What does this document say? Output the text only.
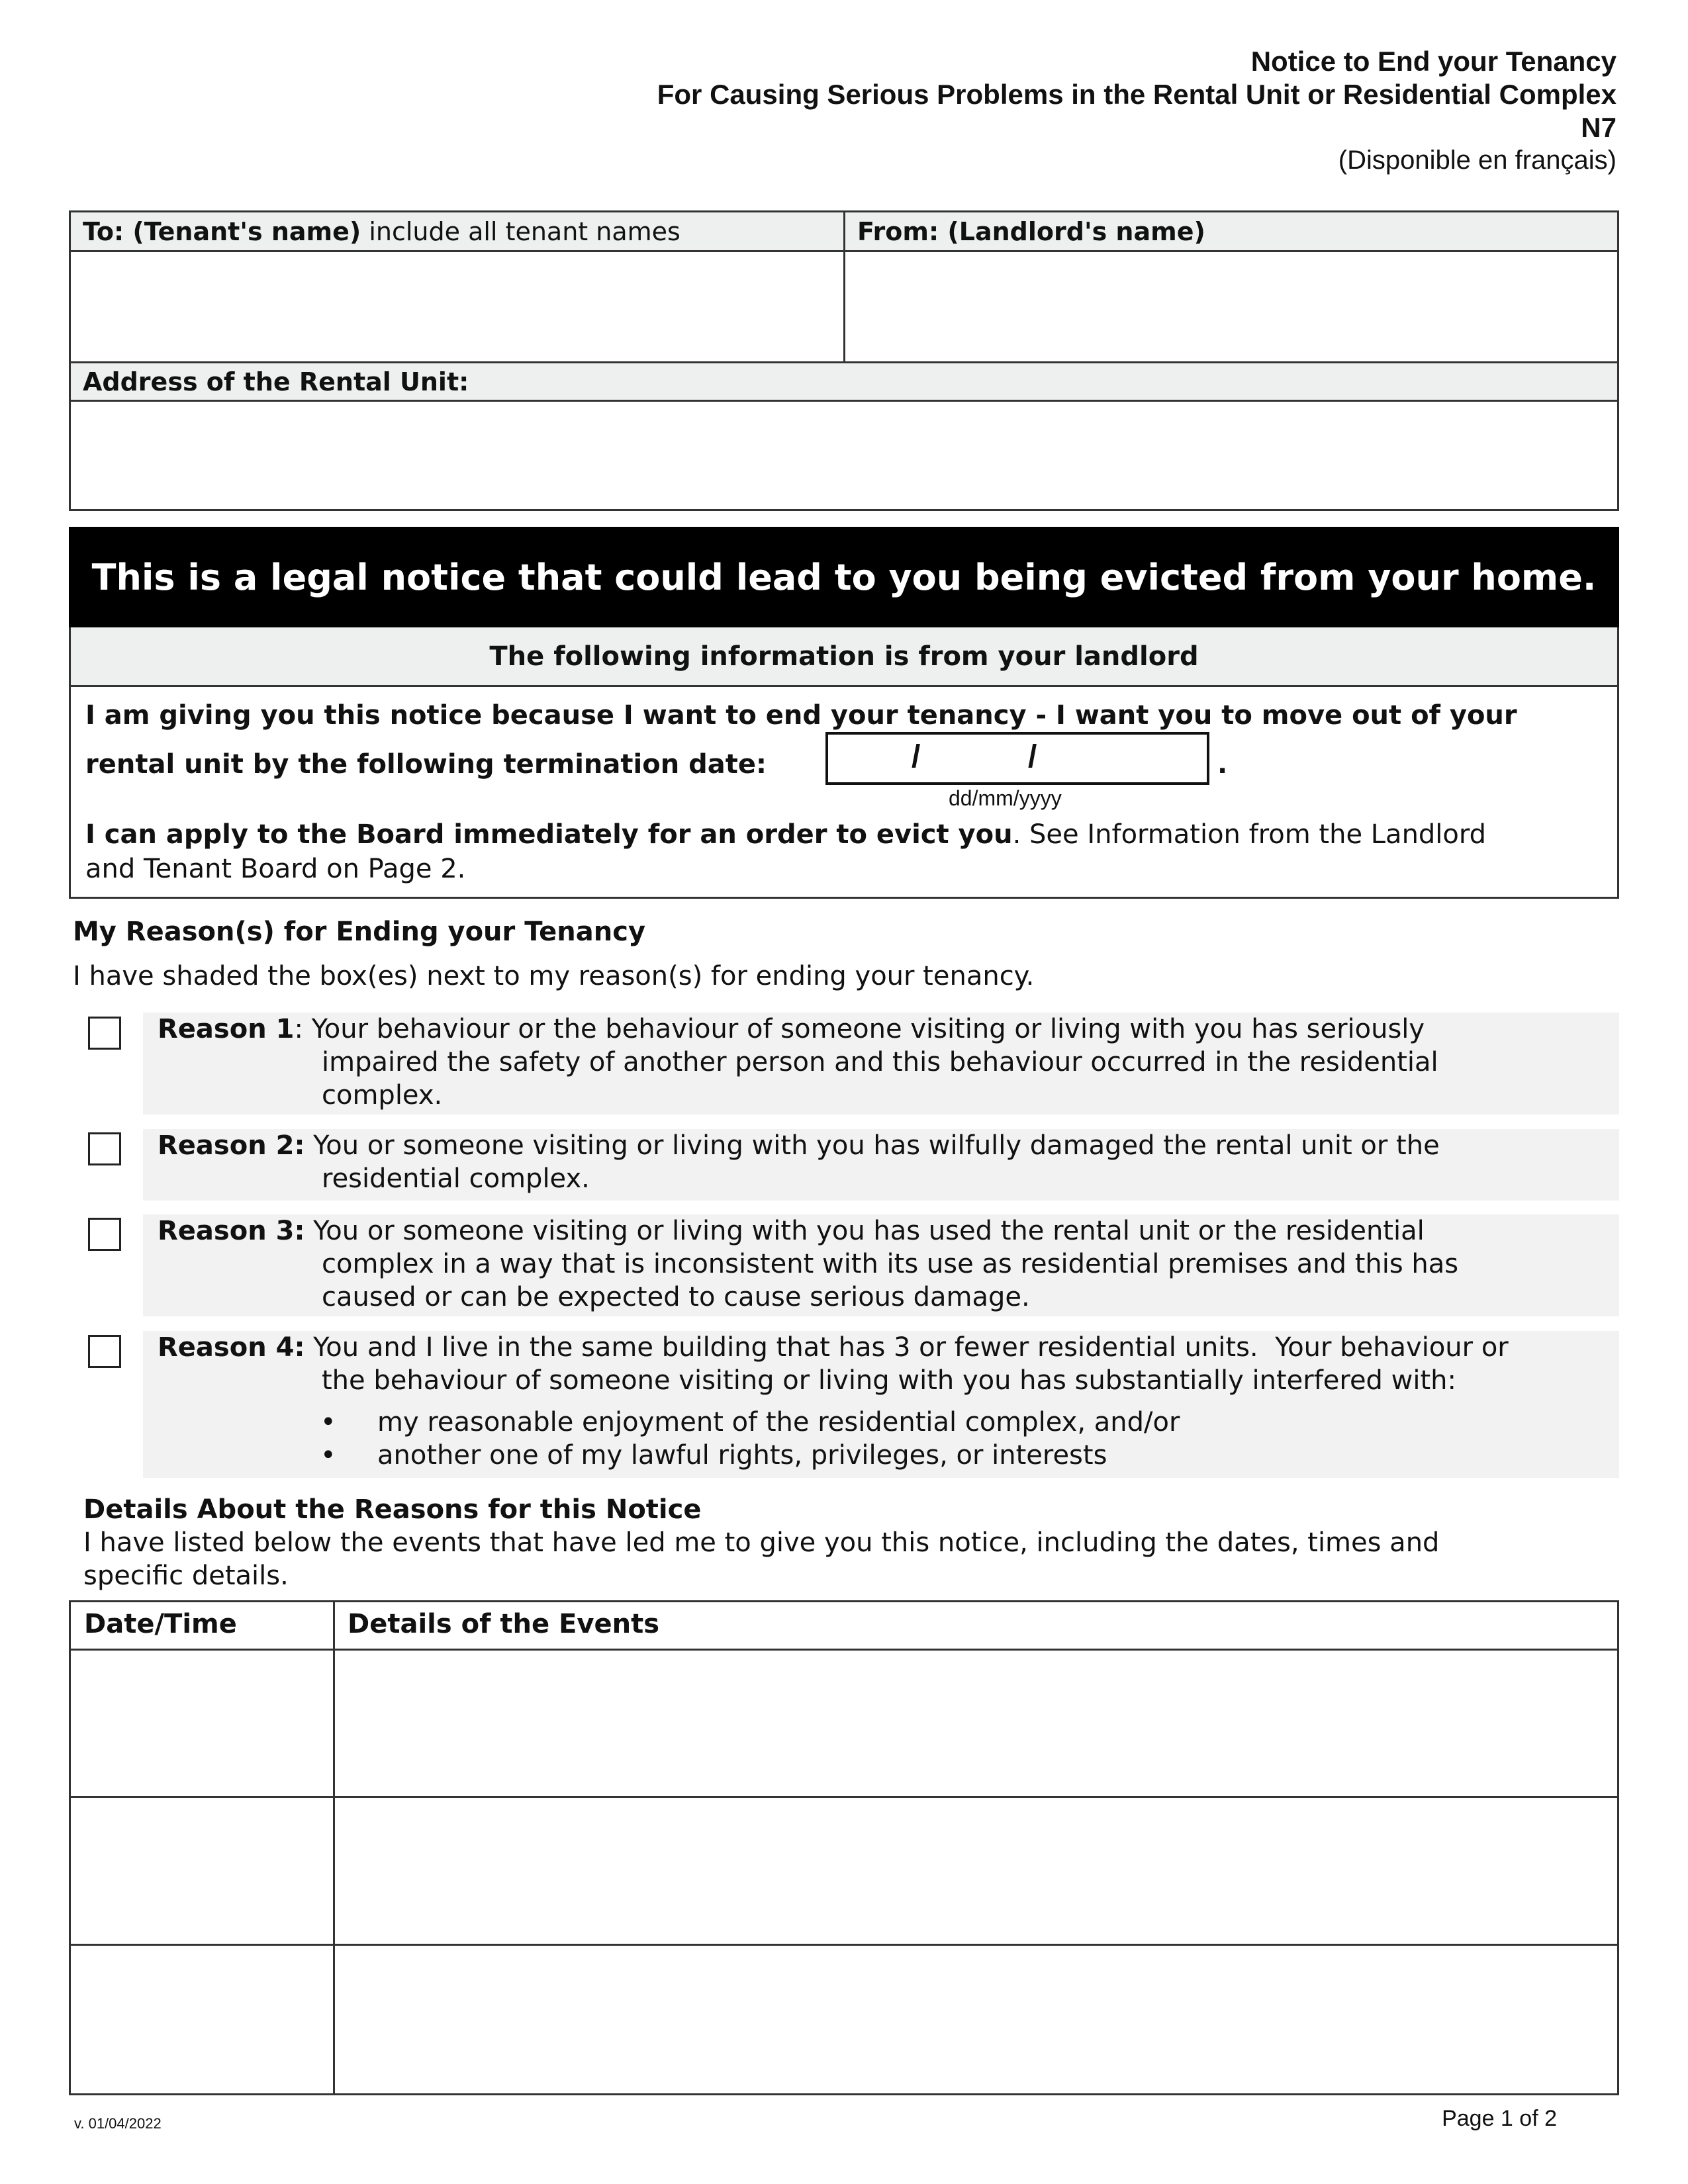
Notice to End your Tenancy
For Causing Serious Problems in the Rental Unit or Residential Complex
N7
(Disponible en français)
To: (Tenant's name) include all tenant names	From: (Landlord's name)
Address of the Rental Unit:
This is a legal notice that could lead to you being evicted from your home.
The following information is from your landlord
I am giving you this notice because I want to end your tenancy - I want you to move out of your
rental unit by the following termination date:	/	/	.
dd/mm/yyyy
I can apply to the Board immediately for an order to evict you. See Information from the Landlord
and Tenant Board on Page 2.
My Reason(s) for Ending your Tenancy
I have shaded the box(es) next to my reason(s) for ending your tenancy.
Reason 1: Your behaviour or the behaviour of someone visiting or living with you has seriously
impaired the safety of another person and this behaviour occurred in the residential
complex.
Reason 2: You or someone visiting or living with you has wilfully damaged the rental unit or the
residential complex.
Reason 3: You or someone visiting or living with you has used the rental unit or the residential
complex in a way that is inconsistent with its use as residential premises and this has
caused or can be expected to cause serious damage.
Reason 4: You and I live in the same building that has 3 or fewer residential units.  Your behaviour or
the behaviour of someone visiting or living with you has substantially interfered with:
• my reasonable enjoyment of the residential complex, and/or
• another one of my lawful rights, privileges, or interests
Details About the Reasons for this Notice
I have listed below the events that have led me to give you this notice, including the dates, times and
specific details.
Date/Time	Details of the Events
v. 01/04/2022	Page 1 of 2
